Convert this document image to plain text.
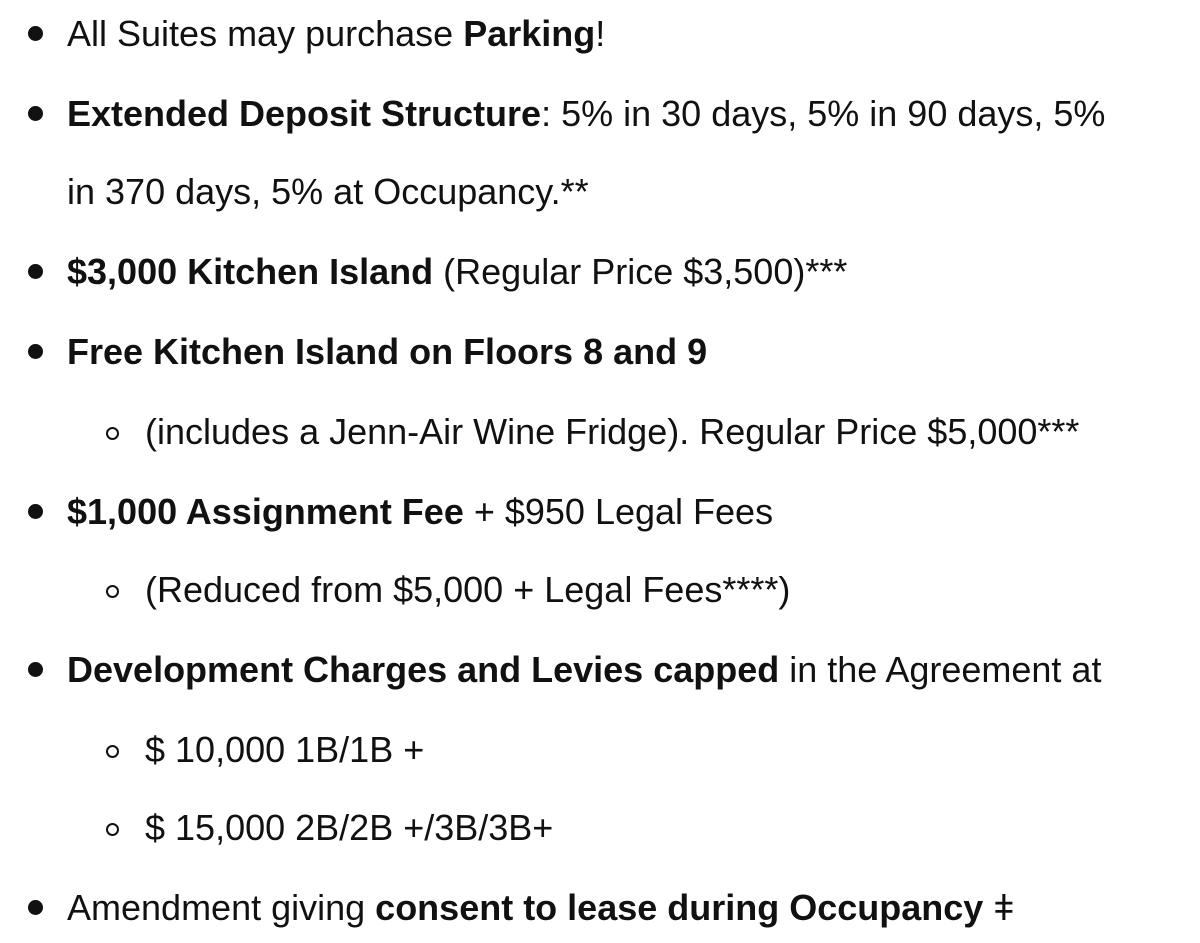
All Suites may purchase Parking!
Extended Deposit Structure: 5% in 30 days, 5% in 90 days, 5%
in 370 days, 5% at Occupancy.**
$3,000 Kitchen Island (Regular Price $3,500)***
Free Kitchen Island on Floors 8 and 9
(includes a Jenn-Air Wine Fridge). Regular Price $5,000***
$1,000 Assignment Fee + $950 Legal Fees
(Reduced from $5,000 + Legal Fees****)
Development Charges and Levies capped in the Agreement at
$ 10,000 1B/1B +
$ 15,000 2B/2B +/3B/3B+
Amendment giving consent to lease during Occupancy ǂ
